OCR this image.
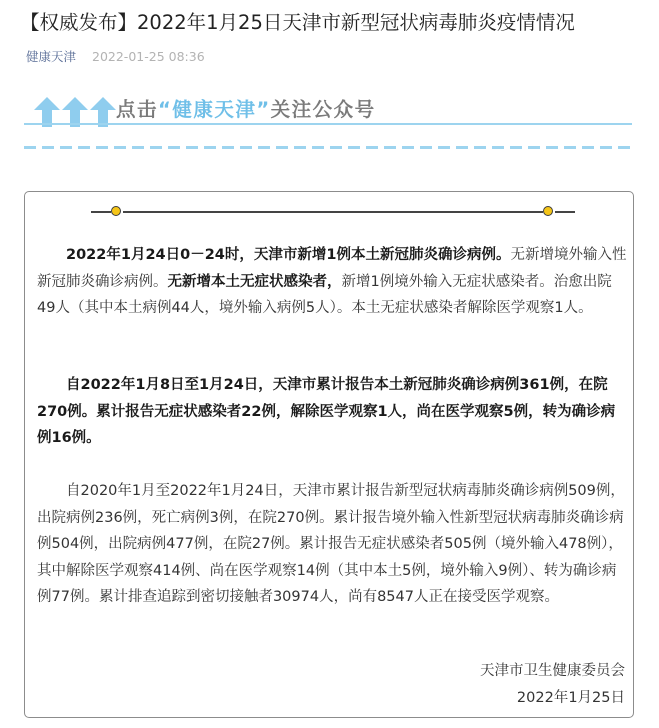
【权威发布】2022年1月25日天津市新型冠状病毒肺炎疫情情况
健康天津 2022-01-25 08:36
点击“健康天津”关注公众号
2022年1月24日0－24时，天津市新增1例本土新冠肺炎确诊病例。无新增境外输入性新冠肺炎确诊病例。无新增本土无症状感染者，新增1例境外输入无症状感染者。治愈出院49人（其中本土病例44人，境外输入病例5人）。本土无症状感染者解除医学观察1人。
自2022年1月8日至1月24日，天津市累计报告本土新冠肺炎确诊病例361例，在院270例。累计报告无症状感染者22例，解除医学观察1人，尚在医学观察5例，转为确诊病例16例。
自2020年1月至2022年1月24日，天津市累计报告新型冠状病毒肺炎确诊病例509例，出院病例236例，死亡病例3例，在院270例。累计报告境外输入性新型冠状病毒肺炎确诊病例504例，出院病例477例，在院27例。累计报告无症状感染者505例（境外输入478例），其中解除医学观察414例、尚在医学观察14例（其中本土5例，境外输入9例）、转为确诊病例77例。累计排查追踪到密切接触者30974人，尚有8547人正在接受医学观察。
天津市卫生健康委员会
2022年1月25日
